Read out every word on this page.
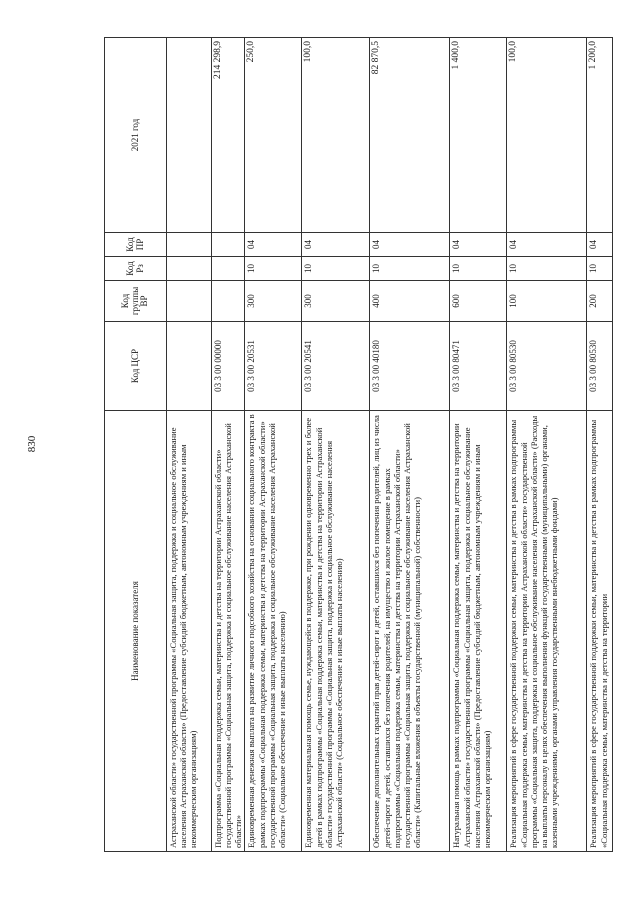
830
Наименование показателя	Код ЦСР	Код группы ВР	Код Рз	Код ПР	2021 год
Астраханской области» государственной программы «Социальная защита, поддержка и социальное обслуживание населения Астраханской области» (Предоставление субсидий бюджетным, автономным учреждениям и иным некоммерческим организациям)					
Подпрограмма «Социальная поддержка семьи, материнства и детства на территории Астраханской области» государственной программы «Социальная защита, поддержка и социальное обслуживание населения Астраханской области»	03 3 00 00000				214 298,9
Единовременная денежная выплата на развитие личного подсобного хозяйства на основании социального контракта в рамках подпрограммы «Социальная поддержка семьи, материнства и детства на территории Астраханской области» государственной программы «Социальная защита, поддержка и социальное обслуживание населения Астраханской области» (Социальное обеспечение и иные выплаты населению)	03 3 00 20531	300	10	04	250,0
Единовременная материальная помощь семье, нуждающейся в поддержке, при рождении одновременно трех и более детей в рамках подпрограммы «Социальная поддержка семьи, материнства и детства на территории Астраханской области» государственной программы «Социальная защита, поддержка и социальное обслуживание населения Астраханской области» (Социальное обеспечение и иные выплаты населению)	03 3 00 20541	300	10	04	100,0
Обеспечение дополнительных гарантий прав детей-сирот и детей, оставшихся без попечения родителей, лиц из числа детей-сирот и детей, оставшихся без попечения родителей, на имущество и жилое помещение в рамках подпрограммы «Социальная поддержка семьи, материнства и детства на территории Астраханской области» государственной программы «Социальная защита, поддержка и социальное обслуживание населения Астраханской области» (Капитальные вложения в объекты государственной (муниципальной) собственности)	03 3 00 40180	400	10	04	82 870,5
Натуральная помощь в рамках подпрограммы «Социальная поддержка семьи, материнства и детства на территории Астраханской области» государственной программы «Социальная защита, поддержка и социальное обслуживание населения Астраханской области» (Предоставление субсидий бюджетным, автономным учреждениям и иным некоммерческим организациям)	03 3 00 80471	600	10	04	1 400,0
Реализация мероприятий в сфере государственной поддержки семьи, материнства и детства в рамках подпрограммы «Социальная поддержка семьи, материнства и детства на территории Астраханской области» государственной программы «Социальная защита, поддержка и социальное обслуживание населения Астраханской области» (Расходы на выплаты персоналу в целях обеспечения выполнения функций государственными (муниципальными) органами, казенными учреждениями, органами управления государственными внебюджетными фондами)	03 3 00 80530	100	10	04	100,0
Реализация мероприятий в сфере государственной поддержки семьи, материнства и детства в рамках подпрограммы «Социальная поддержка семьи, материнства и детства на территории	03 3 00 80530	200	10	04	1 200,0
